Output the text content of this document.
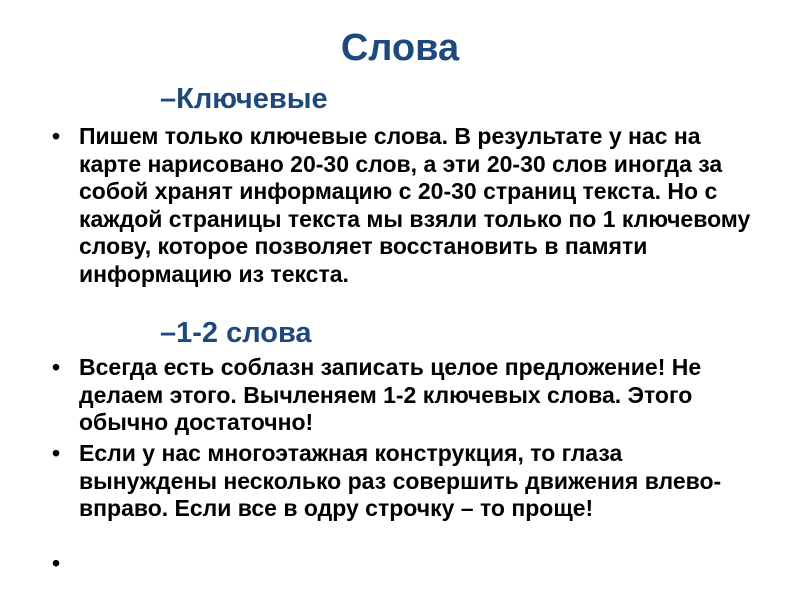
Слова
–Ключевые
• Пишем только ключевые слова. В результате у нас на карте нарисовано 20-30 слов, а эти 20-30 слов иногда за собой хранят информацию с 20-30 страниц текста. Но с каждой страницы текста мы взяли только по 1 ключевому слову, которое позволяет восстановить в памяти информацию из текста.
–1-2 слова
• Всегда есть соблазн записать целое предложение! Не делаем этого. Вычленяем 1-2 ключевых слова. Этого обычно достаточно!
• Если у нас многоэтажная конструкция, то глаза вынуждены несколько раз совершить движения влево-вправо. Если все в одру строчку – то проще!
•
